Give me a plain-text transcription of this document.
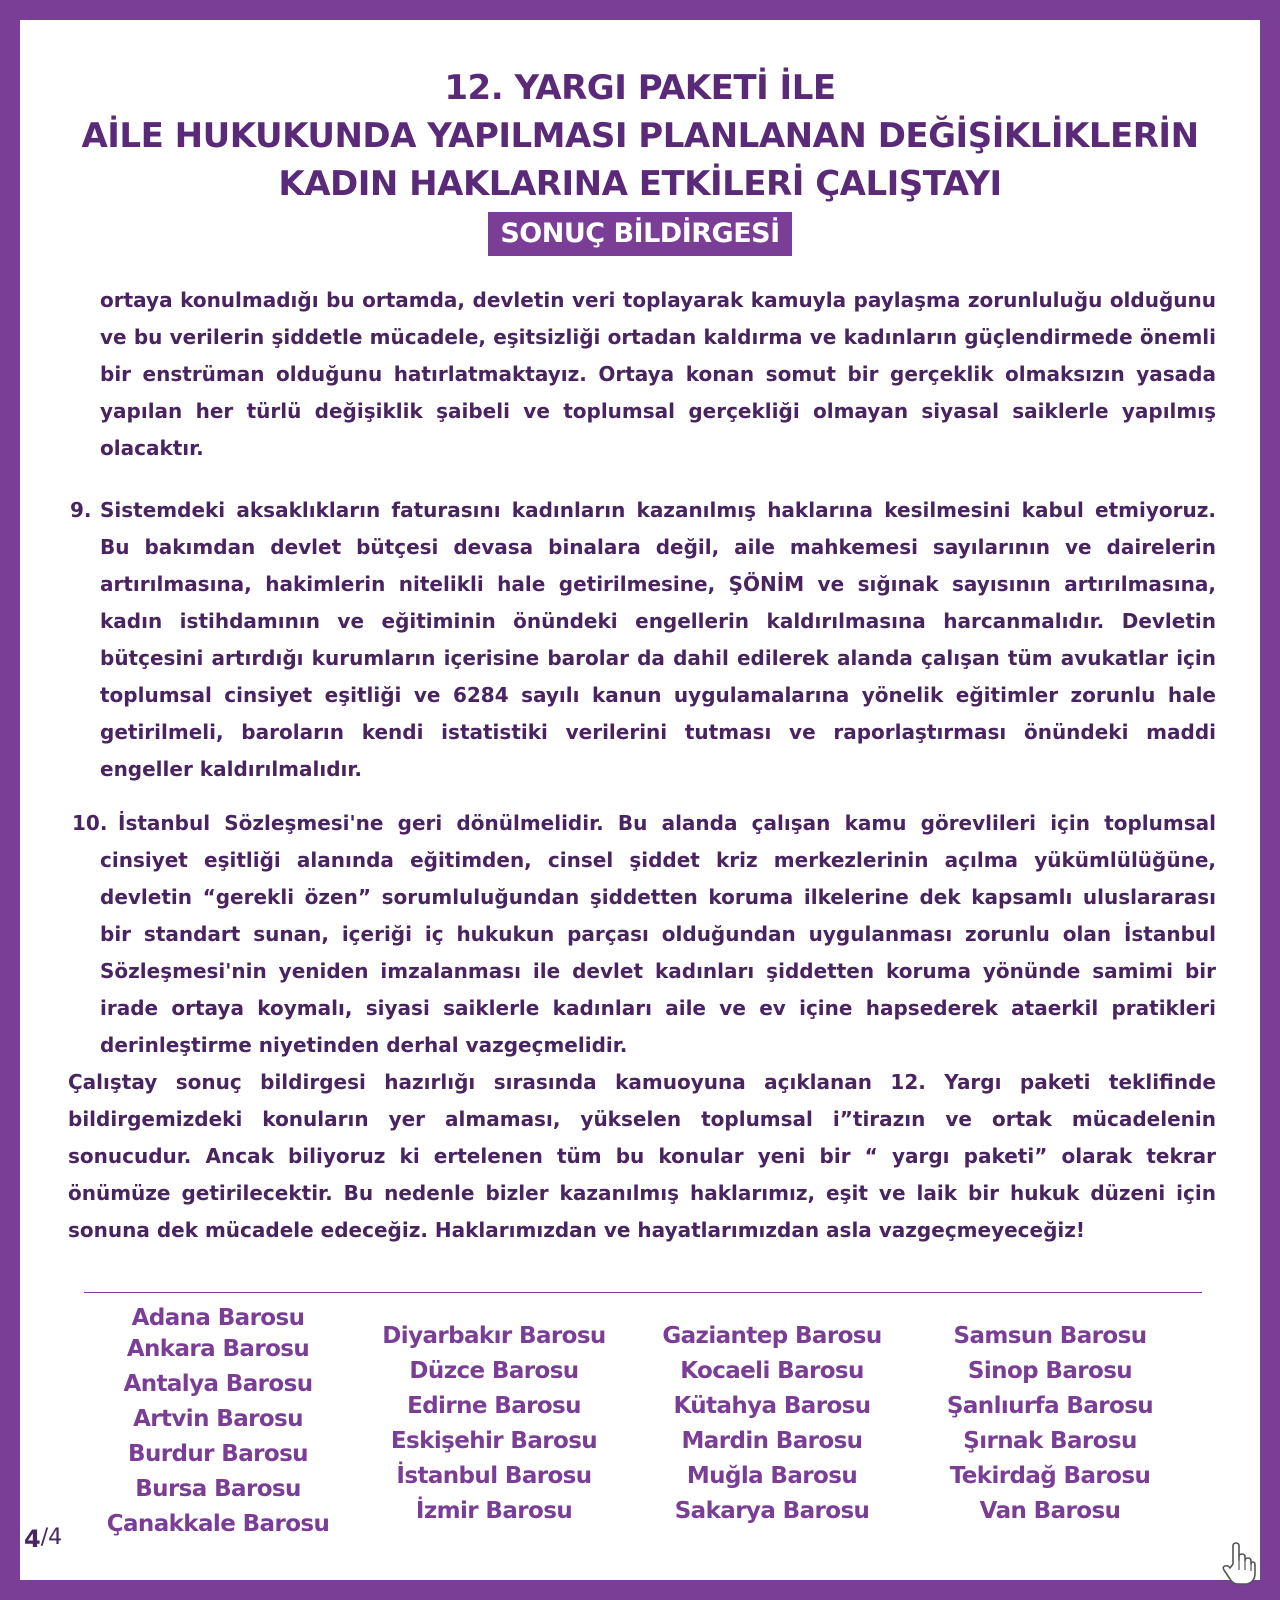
12. YARGI PAKETİ İLE
AİLE HUKUKUNDA YAPILMASI PLANLANAN DEĞİŞİKLİKLERİN
KADIN HAKLARINA ETKİLERİ ÇALIŞTAYI
SONUÇ BİLDİRGESİ

ortaya konulmadığı bu ortamda, devletin veri toplayarak kamuyla paylaşma zorunluluğu olduğunu ve bu verilerin şiddetle mücadele, eşitsizliği ortadan kaldırma ve kadınların güçlendirmede önemli bir enstrüman olduğunu hatırlatmaktayız. Ortaya konan somut bir gerçeklik olmaksızın yasada yapılan her türlü değişiklik şaibeli ve toplumsal gerçekliği olmayan siyasal saiklerle yapılmış olacaktır.

9. Sistemdeki aksaklıkların faturasını kadınların kazanılmış haklarına kesilmesini kabul etmiyoruz. Bu bakımdan devlet bütçesi devasa binalara değil, aile mahkemesi sayılarının ve dairelerin artırılmasına, hakimlerin nitelikli hale getirilmesine, ŞÖNİM ve sığınak sayısının artırılmasına, kadın istihdamının ve eğitiminin önündeki engellerin kaldırılmasına harcanmalıdır. Devletin bütçesini artırdığı kurumların içerisine barolar da dahil edilerek alanda çalışan tüm avukatlar için toplumsal cinsiyet eşitliği ve 6284 sayılı kanun uygulamalarına yönelik eğitimler zorunlu hale getirilmeli, baroların kendi istatistiki verilerini tutması ve raporlaştırması önündeki maddi engeller kaldırılmalıdır.

10. İstanbul Sözleşmesi'ne geri dönülmelidir. Bu alanda çalışan kamu görevlileri için toplumsal cinsiyet eşitliği alanında eğitimden, cinsel şiddet kriz merkezlerinin açılma yükümlülüğüne, devletin “gerekli özen” sorumluluğundan şiddetten koruma ilkelerine dek kapsamlı uluslararası bir standart sunan, içeriği iç hukukun parçası olduğundan uygulanması zorunlu olan İstanbul Sözleşmesi'nin yeniden imzalanması ile devlet kadınları şiddetten koruma yönünde samimi bir irade ortaya koymalı, siyasi saiklerle kadınları aile ve ev içine hapsederek ataerkil pratikleri derinleştirme niyetinden derhal vazgeçmelidir.

Çalıştay sonuç bildirgesi hazırlığı sırasında kamuoyuna açıklanan 12. Yargı paketi teklifinde bildirgemizdeki konuların yer almaması, yükselen toplumsal i”tirazın ve ortak mücadelenin sonucudur. Ancak biliyoruz ki ertelenen tüm bu konular yeni bir “ yargı paketi” olarak tekrar önümüze getirilecektir. Bu nedenle bizler kazanılmış haklarımız, eşit ve laik bir hukuk düzeni için sonuna dek mücadele edeceğiz. Haklarımızdan ve hayatlarımızdan asla vazgeçmeyeceğiz!

Adana Barosu
Ankara Barosu
Antalya Barosu
Artvin Barosu
Burdur Barosu
Bursa Barosu
Çanakkale Barosu
Diyarbakır Barosu
Düzce Barosu
Edirne Barosu
Eskişehir Barosu
İstanbul Barosu
İzmir Barosu
Gaziantep Barosu
Kocaeli Barosu
Kütahya Barosu
Mardin Barosu
Muğla Barosu
Sakarya Barosu
Samsun Barosu
Sinop Barosu
Şanlıurfa Barosu
Şırnak Barosu
Tekirdağ Barosu
Van Barosu
4/4
